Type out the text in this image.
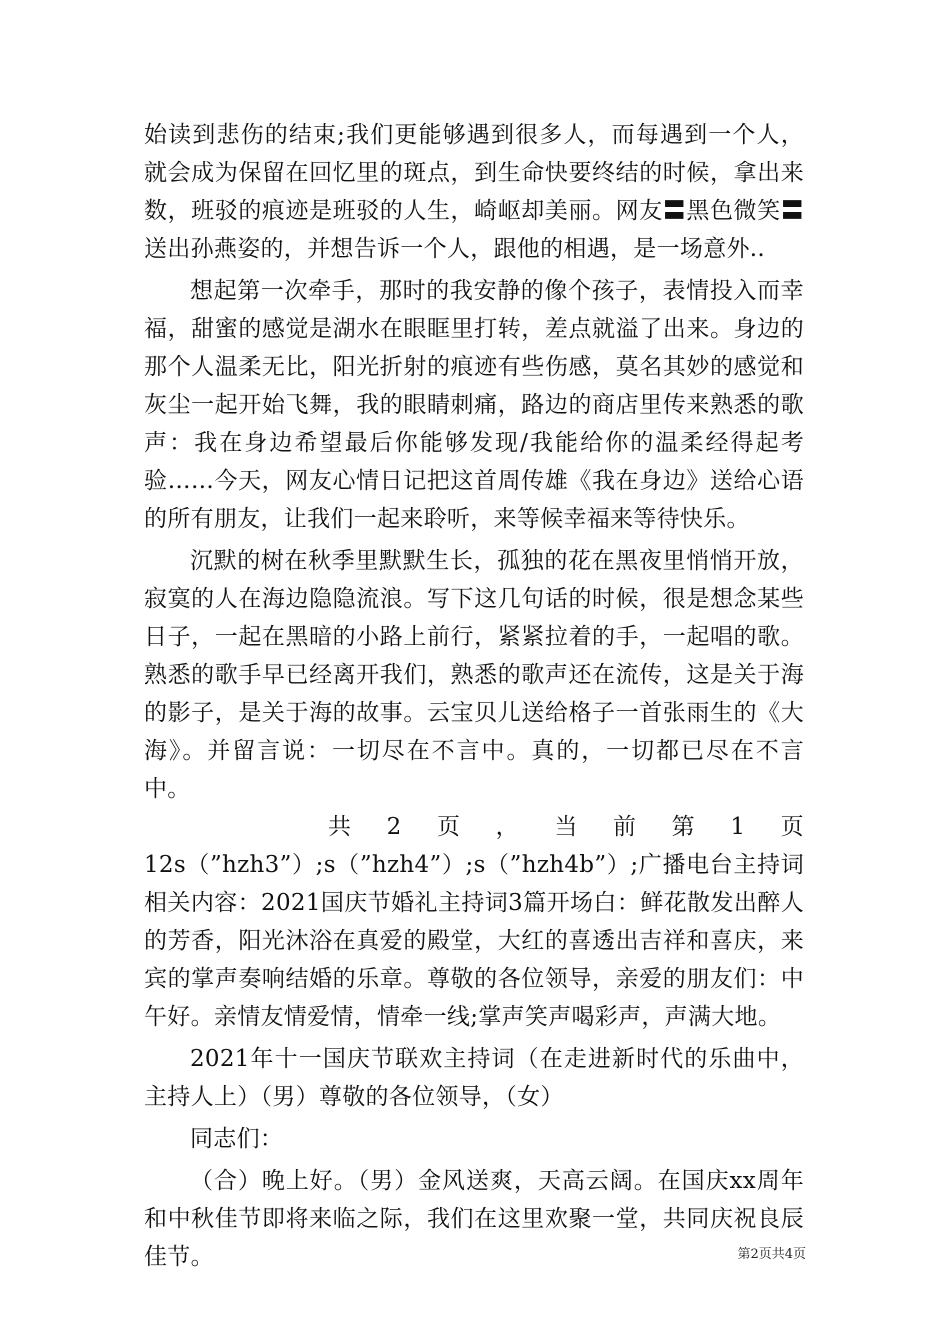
始读到悲伤的结束;我们更能够遇到很多人，而每遇到一个人，就会成为保留在回忆里的斑点，到生命快要终结的时候，拿出来数，班驳的痕迹是班驳的人生，崎岖却美丽。网友〓黑色微笑〓送出孙燕姿的，并想告诉一个人，跟他的相遇，是一场意外..

想起第一次牵手，那时的我安静的像个孩子，表情投入而幸福，甜蜜的感觉是湖水在眼眶里打转，差点就溢了出来。身边的那个人温柔无比，阳光折射的痕迹有些伤感，莫名其妙的感觉和灰尘一起开始飞舞，我的眼睛刺痛，路边的商店里传来熟悉的歌声：我在身边希望最后你能够发现/我能给你的温柔经得起考验……今天，网友心情日记把这首周传雄《我在身边》送给心语的所有朋友，让我们一起来聆听，来等候幸福来等待快乐。

沉默的树在秋季里默默生长，孤独的花在黑夜里悄悄开放，寂寞的人在海边隐隐流浪。写下这几句话的时候，很是想念某些日子，一起在黑暗的小路上前行，紧紧拉着的手，一起唱的歌。熟悉的歌手早已经离开我们，熟悉的歌声还在流传，这是关于海的影子，是关于海的故事。云宝贝儿送给格子一首张雨生的《大海》。并留言说：一切尽在不言中。真的，一切都已尽在不言中。

共 2 页 ， 当 前 第 1 页

12s（”hzh3”）;s（”hzh4”）;s（”hzh4b”）;广播电台主持词相关内容：2021国庆节婚礼主持词3篇开场白：鲜花散发出醉人的芳香，阳光沐浴在真爱的殿堂，大红的喜透出吉祥和喜庆，来宾的掌声奏响结婚的乐章。尊敬的各位领导，亲爱的朋友们：中午好。亲情友情爱情，情牵一线;掌声笑声喝彩声，声满大地。

2021年十一国庆节联欢主持词（在走进新时代的乐曲中，主持人上）（男）尊敬的各位领导，（女）

同志们：

（合）晚上好。（男）金风送爽，天高云阔。在国庆xx周年和中秋佳节即将来临之际，我们在这里欢聚一堂，共同庆祝良辰佳节。	第2页共4页
